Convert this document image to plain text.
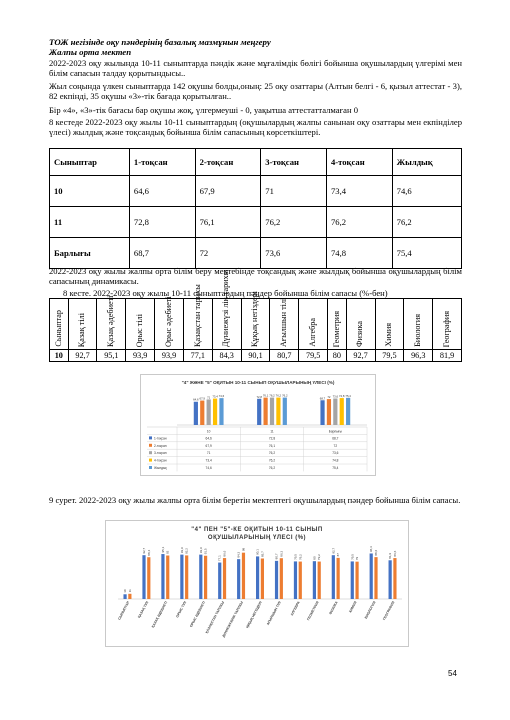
ТОЖ негізінде оқу пәндерінің базалық мазмұнын меңгеру
Жалпы орта мектеп
2022-2023 оқу жылында 10-11 сыныптарда пәндік және мұғалімдік бөлігі бойынша оқушылардың үлгерімі мен білім сапасын талдау қорытындысы..
Жыл соңында үлкен сыныптарда 142 оқушы болды,оның: 25 оқу озаттары (Алтын белгі - 6, қызыл аттестат - 3), 82 екпінді, 35 оқушы «3»-тік бағада қорытылған..
Бір «4», «3»-тік бағасы бар оқушы жоқ, үлгермеуші - 0, уақытша аттестатталмаған 0
8 кестеде 2022-2023 оқу жылы 10-11 сыныптардың (оқушылардың жалпы санынан оқу озаттары мен екпінділер үлесі) жылдық және тоқсандық бойынша білім сапасының көрсеткіштері.
Сыныптар	1-тоқсан	2-тоқсан	3-тоқсан	4-тоқсан	Жылдық
10	64,6	67,9	71	73,4	74,6
11	72,8	76,1	76,2	76,2	76,2
Барлығы	68,7	72	73,6	74,8	75,4
2022-2023 оқу жылы жалпы орта білім беру мектебінде тоқсандық және жылдық бойынша оқушылардың білім сапасының динамикасы.
8 кесте. 2022-2023 оқу жылы 10-11 сыныптардың пәндер бойынша білім сапасы (%-бен)
Сыныптар	Қазақ тілі	Қазақ әдебиеті	Орыс тілі	Орыс әдебиеті	Қазақстан тарихы	Дүниежүзі лік тарихы	Құқық негіздері	Ағылшын тілі	Алгебра	Геометрия	Физика	Химия	Биология	География
10	92,7	95,1	93,9	93,9	77,1	84,3	90,1	80,7	79,5	80	92,7	79,5	96,3	81,9
"4" ЖӘНЕ "5" ОҚИТЫН 10-11 СЫНЫП ОҚУШЫЛАРЫНЫҢ ҮЛЕСІ (%)
64,6 67,9 71 73,4 74,6	72,8 76,1 76,2 76,2 76,2
68,7 72 73,6 74,8 75,4
10	11	Барлығы
1-тоқсан	64,6	72,8	68,7
2-тоқсан	67,9	76,1	72
3-тоқсан	71	76,2	73,6
4-тоқсан	73,4	76,2	74,8
Жылдық	74,6	76,2	75,4
9 сурет. 2022-2023 оқу жылы жалпы орта білім беретін мектептегі оқушылардың пәндер бойынша білім сапасы.
"4" ПЕН "5"-КЕ ОҚИТЫН 10-11 СЫНЫП
ОҚУШЫЛАРЫНЫҢ ҮЛЕСІ (%)
10 11
СЫНЫПТАР
92,7 88,4
ҚАЗАҚ ТІЛІ
95,1 92
ҚАЗАҚ ӘДЕБИЕТІ
93,9 92,2
ОРЫС ТІЛІ
93,9 91,5
ОРЫС ӘДЕБИЕТІ
77,1
86,6
ҚАЗАҚСТАН ТАРИХЫ
84,3
98
ДҮНИЕЖҮЗІЛІК ТАРИХЫ
90,1 85,7
ҚҰҚЫҚ НЕГІЗДЕРІ
80,7 86,3
АҒЫЛШЫН ТІЛІ
79,5 79,2
АЛГЕБРА
80 79,2
ГЕОМЕТРИЯ
92,7
87
ФИЗИКА
79,5 79
ХИМИЯ
96,3
88,6
БИОЛОГИЯ
81,9 86,6
ГЕОГРАФИЯ
54
